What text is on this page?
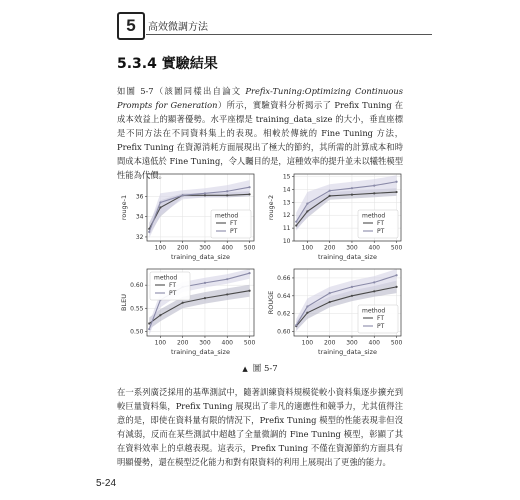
5	高效微調方法
5.3.4 實驗結果

如圖 5-7（該圖同樣出自論文 Prefix-Tuning:Optimizing Continuous Prompts for Generation）所示，實驗資料分析揭示了 Prefix Tuning 在成本效益上的顯著優勢。水平座標是 training_data_size 的大小，垂直座標是不同方法在不同資料集上的表現。相較於傳統的 Fine Tuning 方法，Prefix Tuning 在資源消耗方面展現出了極大的節約，其所需的計算成本和時間成本遠低於 Fine Tuning，令人矚目的是，這種效率的提升並未以犧牲模型性能為代價。

100 200 300 400 500
32
34
36
training_data_size
rouge-1	method
FT
PT
100 200 300 400 500
10
11
12
13
14
15
training_data_size
rouge-2	method
FT
PT
100 200 300 400 500
0.50
0.55
0.60
training_data_size
BLEU
method
FT
PT
100 200 300 400 500
0.60
0.62
0.64
0.66
training_data_size
ROUGE	method
FT
PT
▲ 圖 5-7

在一系列廣泛採用的基準測試中，隨著訓練資料規模從較小資料集逐步擴充到較巨量資料集，Prefix Tuning 展現出了非凡的適應性和競爭力，尤其值得注意的是，即使在資料量有限的情況下，Prefix Tuning 模型的性能表現非但沒有減弱，反而在某些測試中超越了全量微調的 Fine Tuning 模型，彰顯了其在資料效率上的卓越表現。這表示，Prefix Tuning 不僅在資源節約方面具有明顯優勢，還在模型泛化能力和對有限資料的利用上展現出了更強的能力。

5-24
